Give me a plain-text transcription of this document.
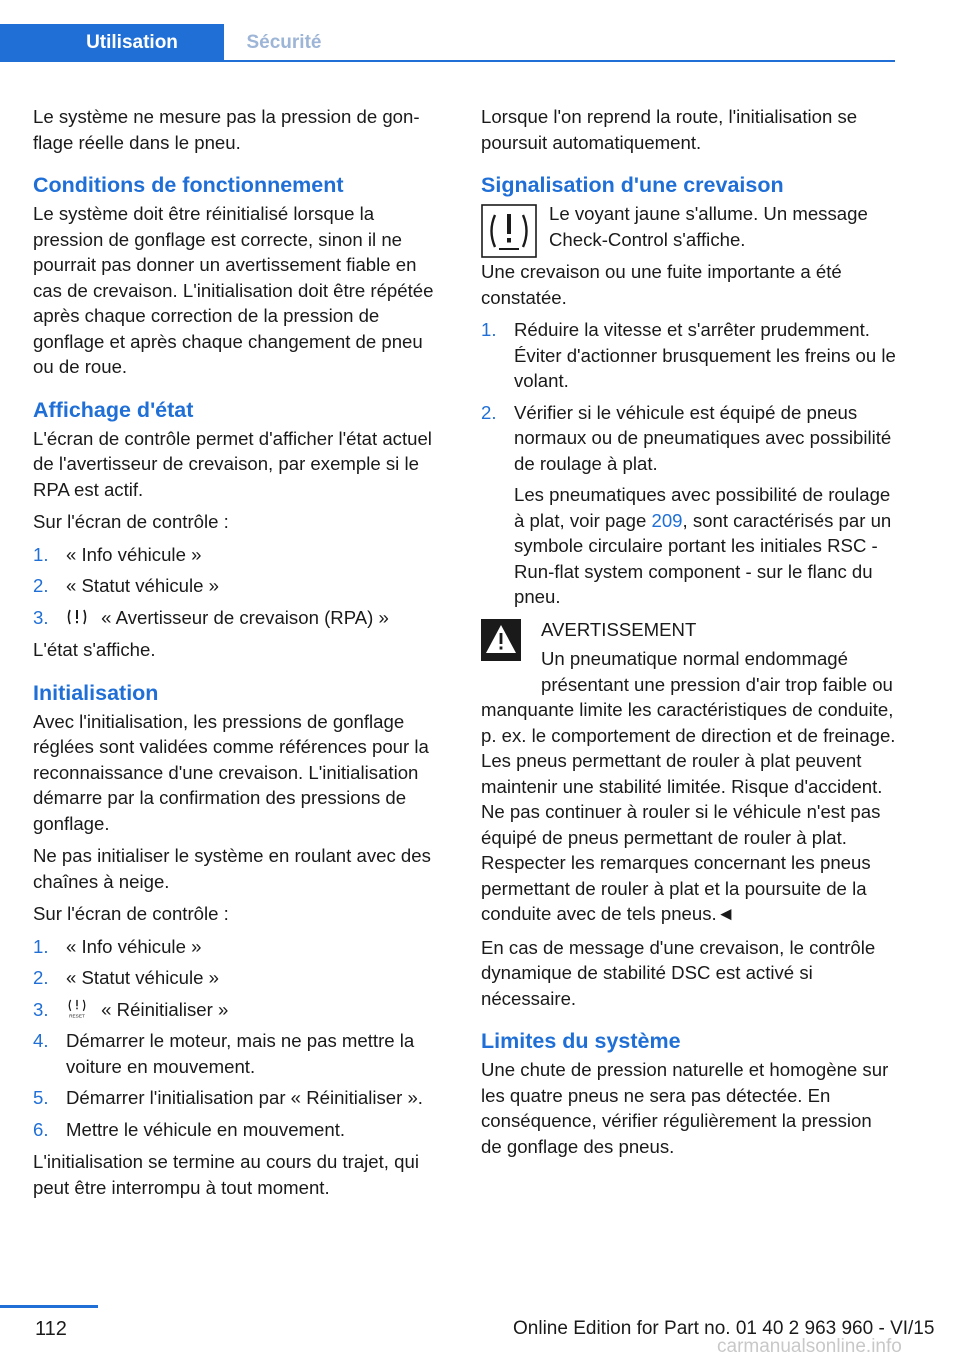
Utilisation	Sécurité

Le système ne mesure pas la pression de gonflage réelle dans le pneu.

Conditions de fonctionnement

Le système doit être réinitialisé lorsque la pression de gonflage est correcte, sinon il ne pourrait pas donner un avertissement fiable en cas de crevaison. L'initialisation doit être répétée après chaque correction de la pression de gonflage et après chaque changement de pneu ou de roue.

Affichage d'état

L'écran de contrôle permet d'afficher l'état actuel de l'avertisseur de crevaison, par exemple si le RPA est actif.

Sur l'écran de contrôle :

1. « Info véhicule »
2. « Statut véhicule »
3.	« Avertisseur de crevaison (RPA) »

L'état s'affiche.

Initialisation

Avec l'initialisation, les pressions de gonflage réglées sont validées comme références pour la reconnaissance d'une crevaison. L'initialisation démarre par la confirmation des pressions de gonflage.

Ne pas initialiser le système en roulant avec des chaînes à neige.

Sur l'écran de contrôle :

1. « Info véhicule »
2. « Statut véhicule »
3.	RESET « Réinitialiser »
4. Démarrer le moteur, mais ne pas mettre la voiture en mouvement.
5. Démarrer l'initialisation par « Réinitialiser ».
6. Mettre le véhicule en mouvement.

L'initialisation se termine au cours du trajet, qui peut être interrompu à tout moment.

Lorsque l'on reprend la route, l'initialisation se poursuit automatiquement.

Signalisation d'une crevaison

Le voyant jaune s'allume. Un message Check-Control s'affiche.

Une crevaison ou une fuite importante a été constatée.

1. Réduire la vitesse et s'arrêter prudemment. Éviter d'actionner brusquement les freins ou le volant.
2. Vérifier si le véhicule est équipé de pneus normaux ou de pneumatiques avec possibilité de roulage à plat.

Les pneumatiques avec possibilité de roulage à plat, voir page 209, sont caractérisés par un symbole circulaire portant les initiales RSC - Run-flat system component - sur le flanc du pneu.

AVERTISSEMENT

Un pneumatique normal endommagé présentant une pression d'air trop faible ou manquante limite les caractéristiques de conduite, p. ex. le comportement de direction et de freinage. Les pneus permettant de rouler à plat peuvent maintenir une stabilité limitée. Risque d'accident. Ne pas continuer à rouler si le véhicule n'est pas équipé de pneus permettant de rouler à plat. Respecter les remarques concernant les pneus permettant de rouler à plat et la poursuite de la conduite avec de tels pneus.◄

En cas de message d'une crevaison, le contrôle dynamique de stabilité DSC est activé si nécessaire.

Limites du système

Une chute de pression naturelle et homogène sur les quatre pneus ne sera pas détectée. En conséquence, vérifier régulièrement la pression de gonflage des pneus.

112	Online Edition for Part no. 01 40 2 963 960 - VI/15
carmanualsonline.info
